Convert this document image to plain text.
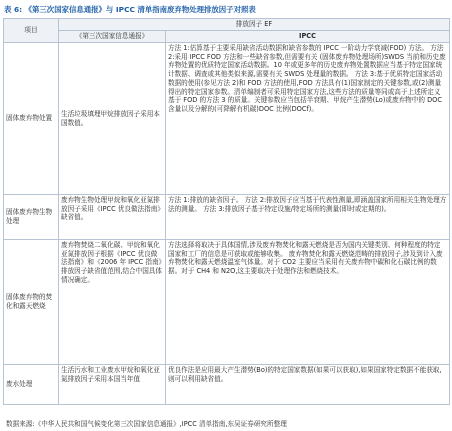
表 6: 《第三次国家信息通报》与 IPCC 清单指南废弃物处理排放因子对照表
项目	排放因子 EF	
	《第三次国家信息通报》	IPCC
固体废弃物处置	生活垃圾填埋甲烷排放因子采用本国数值。	方法 1:估算基于主要采用缺省活动数据和缺省参数的 IPCC 一阶动力学衰减(FOD) 方法。 方法 2:采用 IPCC FOD 方法和一些缺省参数,但需要有关 (固体废弃物处理场所)SWDS 当前和历史废弃物处置的优质特定国家活动数据。10 年或更多年的历史废弃物处置数据应当基于特定国家统计数据、调查或其他类似来源,需要有关 SWDS 处理量的数据。 方法 3:基于优质特定国家活动数据的使用(参见方法 2)和 FOD 方法的使用,FOD 方法具有(1)国家制定的关键参数,或(2)测量得出的特定国家参数。清单编制者可采用特定国家方法,这些方法的质量等同或高于上述所定义基于 FOD 的方法 3 的质量。关键参数应当包括半衰期、甲烷产生潜势(Lo)或废弃物中的 DOC 含量以及分解的(可降解有机碳)DOC 比例(DOCf)。
固体废弃物生物处理	废弃物生物处理甲烷和氧化亚氮排放因子采用《IPCC 优良做法指南》缺省值。	方法 1:排放的缺省因子。 方法 2:排放因子应当基于代表性测量,即涵盖国家所用相关生物处理方法的测量。 方法 3:排放因子基于特定设施/特定场所的测量(即时或定期的)。
固体废弃物的焚化和露天燃烧	废弃物焚烧二氧化碳、甲烷和氧化亚氮排放因子根据《IPCC 优良做法指南》和《2006 年 IPCC 指南》排放因子缺省值范围,结合中国具体情况确定。	方法选择将取决于具体国情,涉及废弃物焚化和露天燃烧是否为国内关键类别、何种程度的特定国家和工厂的信息是可获取或能够收集。 废弃物焚化和露天燃烧范畴的排放因子,涉及到计入废弃物焚化和露天燃烧温室气体量。对于 CO2 主要应当采用有关废弃物中碳和化石碳比例的数据。对于 CH4 和 N2O,这主要取决于处理作法和燃烧技术。
废水处理	生活污水和工业废水甲烷和氧化亚氮排放因子采用本国当年值	优良作法是应用最大产生潜势(Bo)的特定国家数据(如果可以获取),如果国家特定数据不能获取,则可以利用缺省值。
数据来源:《中华人民共和国气候变化第三次国家信息通报》,IPCC 清单指南,东吴证券研究所整理
